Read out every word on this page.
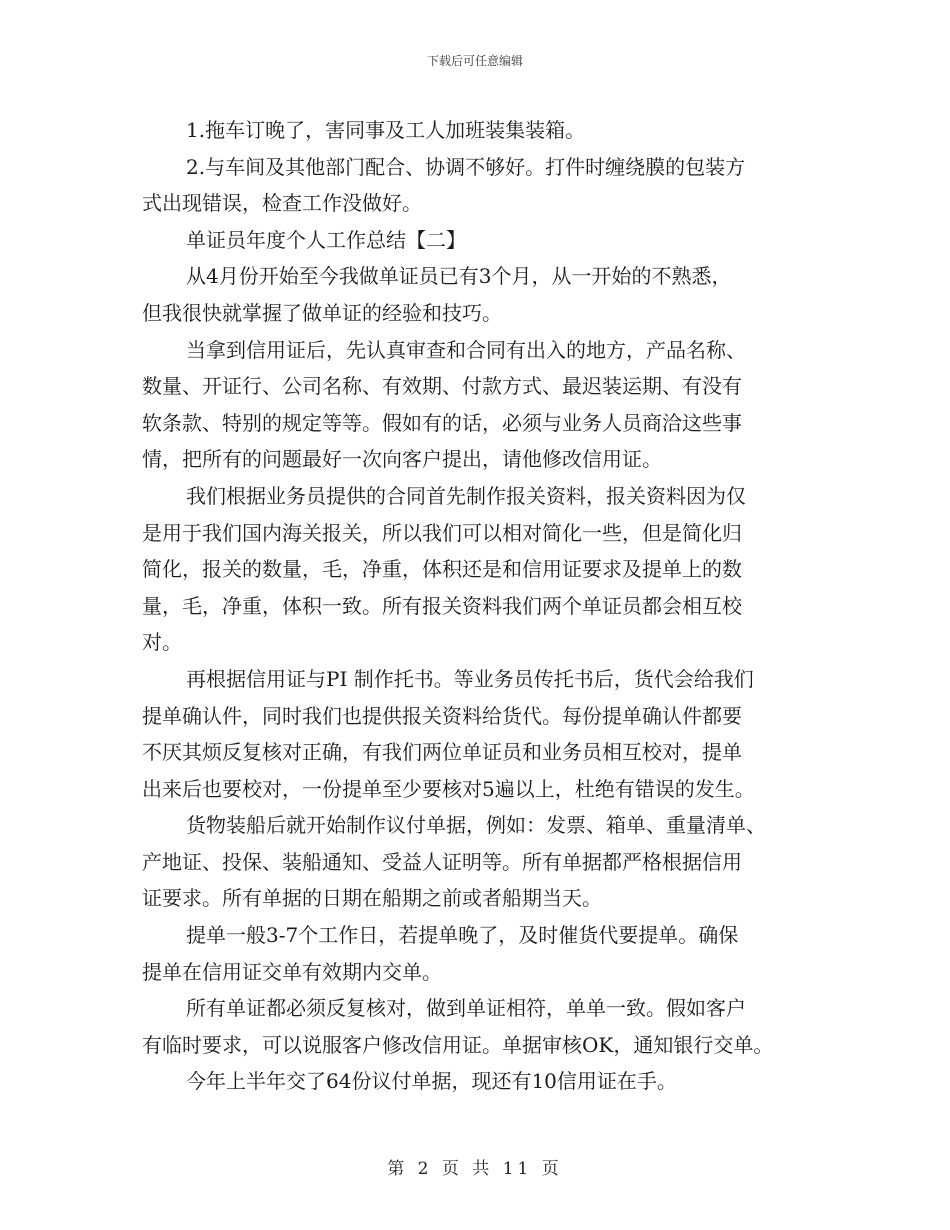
下载后可任意编辑
1.拖车订晚了，害同事及工人加班装集装箱。
2.与车间及其他部门配合、协调不够好。打件时缠绕膜的包装方
式出现错误，检查工作没做好。
单证员年度个人工作总结【二】
从4月份开始至今我做单证员已有3个月，从一开始的不熟悉，
但我很快就掌握了做单证的经验和技巧。
当拿到信用证后，先认真审查和合同有出入的地方，产品名称、
数量、开证行、公司名称、有效期、付款方式、最迟装运期、有没有
软条款、特别的规定等等。假如有的话，必须与业务人员商洽这些事
情，把所有的问题最好一次向客户提出，请他修改信用证。
我们根据业务员提供的合同首先制作报关资料，报关资料因为仅
是用于我们国内海关报关，所以我们可以相对简化一些，但是简化归
简化，报关的数量，毛，净重，体积还是和信用证要求及提单上的数
量，毛，净重，体积一致。所有报关资料我们两个单证员都会相互校
对。
再根据信用证与PI 制作托书。等业务员传托书后，货代会给我们
提单确认件，同时我们也提供报关资料给货代。每份提单确认件都要
不厌其烦反复核对正确，有我们两位单证员和业务员相互校对，提单
出来后也要校对，一份提单至少要核对5遍以上，杜绝有错误的发生。
货物装船后就开始制作议付单据，例如：发票、箱单、重量清单、
产地证、投保、装船通知、受益人证明等。所有单据都严格根据信用
证要求。所有单据的日期在船期之前或者船期当天。
提单一般3-7个工作日，若提单晚了，及时催货代要提单。确保
提单在信用证交单有效期内交单。
所有单证都必须反复核对，做到单证相符，单单一致。假如客户
有临时要求，可以说服客户修改信用证。单据审核OK，通知银行交单。
今年上半年交了64份议付单据，现还有10信用证在手。
第 2 页 共 11 页
